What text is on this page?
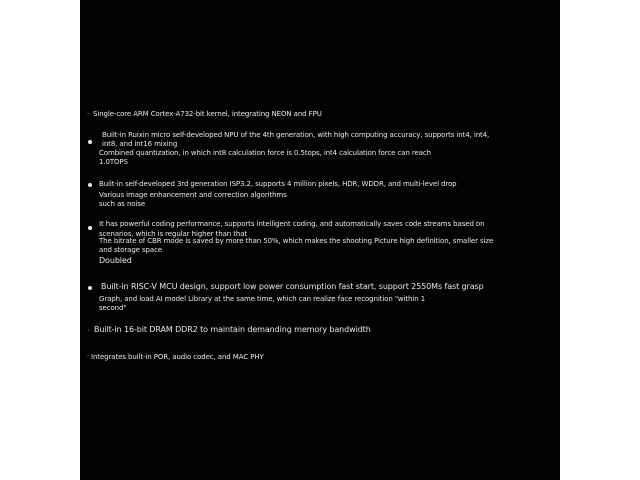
· Single-core ARM Cortex-A732-bit kernel, integrating NEON and FPU
Built-in Ruixin micro self-developed NPU of the 4th generation, with high computing accuracy, supports int4, int4,
int8, and int16 mixing
Combined quantization, in which int8 calculation force is 0.5tops, int4 calculation force can reach
1.0TOPS
Built-in self-developed 3rd generation ISP3.2, supports 4 million pixels, HDR, WDDR, and multi-level drop
Various image enhancement and correction algorithms
such as noise
It has powerful coding performance, supports intelligent coding, and automatically saves code streams based on
scenarios, which is regular higher than that
The bitrate of CBR mode is saved by more than 50%, which makes the shooting Picture high definition, smaller size
and storage space
Doubled
Built-in RISC-V MCU design, support low power consumption fast start, support 2550Ms fast grasp
Graph, and load AI model Library at the same time, which can realize face recognition "within 1
second"
· Built-in 16-bit DRAM DDR2 to maintain demanding memory bandwidth
· Integrates built-in POR, audio codec, and MAC PHY
